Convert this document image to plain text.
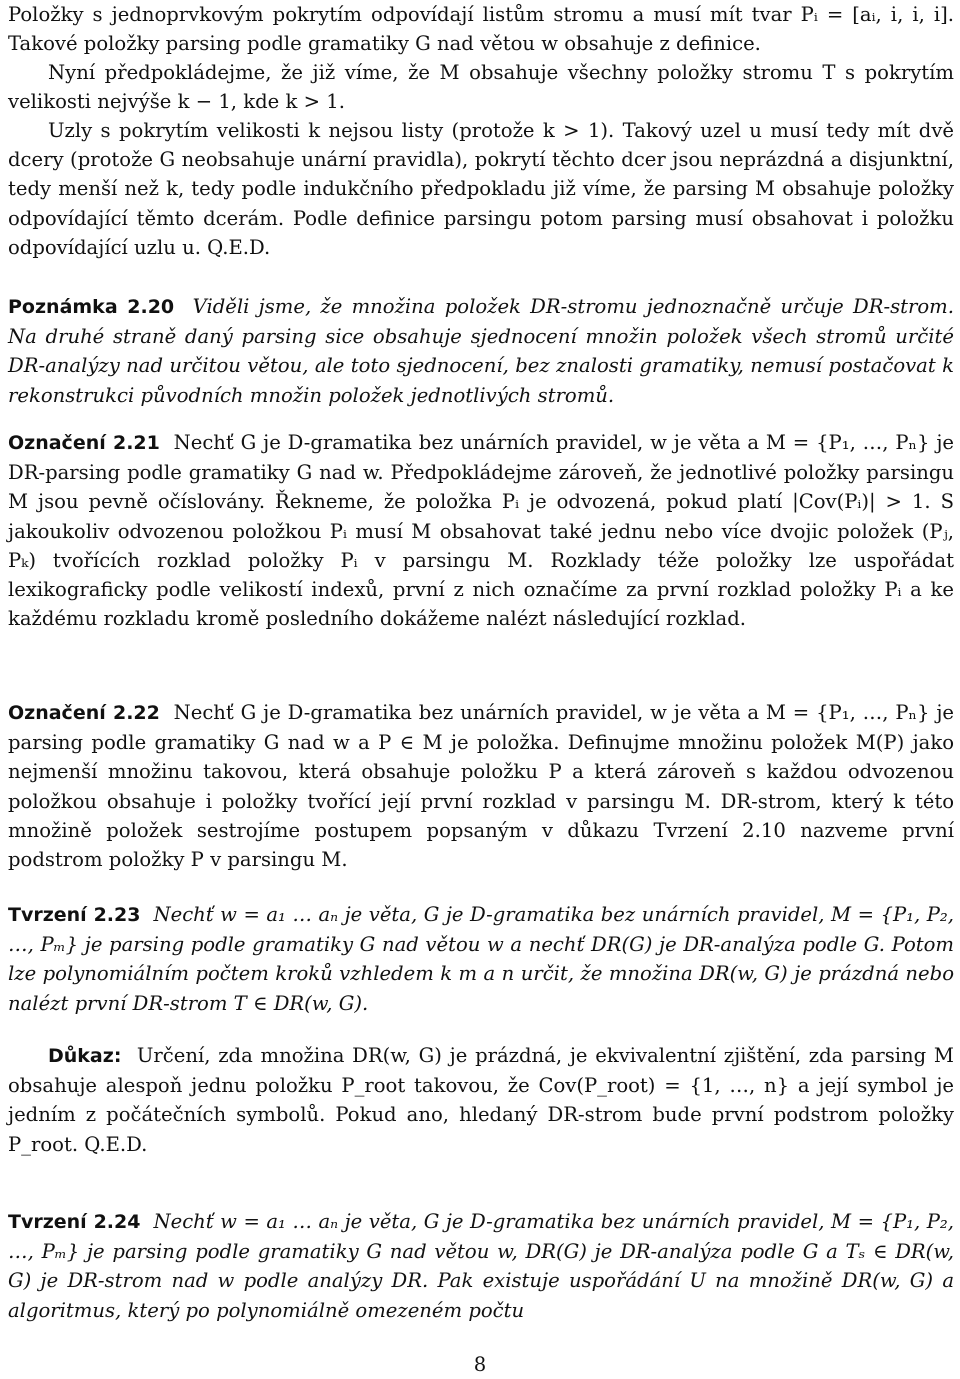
Položky s jednoprvkovým pokrytím odpovídají listům stromu a musí mít tvar Pᵢ = [aᵢ, i, i, i]. Takové položky parsing podle gramatiky G nad větou w obsahuje z definice.

Nyní předpokládejme, že již víme, že M obsahuje všechny položky stromu T s pokrytím velikosti nejvýše k − 1, kde k > 1.

Uzly s pokrytím velikosti k nejsou listy (protože k > 1). Takový uzel u musí tedy mít dvě dcery (protože G neobsahuje unární pravidla), pokrytí těchto dcer jsou neprázdná a disjunktní, tedy menší než k, tedy podle indukčního předpokladu již víme, že parsing M obsahuje položky odpovídající těmto dcerám. Podle definice parsingu potom parsing musí obsahovat i položku odpovídající uzlu u. Q.E.D.

Poznámka 2.20 Viděli jsme, že množina položek DR-stromu jednoznačně určuje DR-strom. Na druhé straně daný parsing sice obsahuje sjednocení množin položek všech stromů určité DR-analýzy nad určitou větou, ale toto sjednocení, bez znalosti gramatiky, nemusí postačovat k rekonstrukci původních množin položek jednotlivých stromů.

Označení 2.21 Nechť G je D-gramatika bez unárních pravidel, w je věta a M = {P₁, …, Pₙ} je DR-parsing podle gramatiky G nad w. Předpokládejme zároveň, že jednotlivé položky parsingu M jsou pevně očíslovány. Řekneme, že položka Pᵢ je odvozená, pokud platí |Cov(Pᵢ)| > 1. S jakoukoliv odvozenou položkou Pᵢ musí M obsahovat také jednu nebo více dvojic položek (Pⱼ, Pₖ) tvořících rozklad položky Pᵢ v parsingu M. Rozklady téže položky lze uspořádat lexikograficky podle velikostí indexů, první z nich označíme za první rozklad položky Pᵢ a ke každému rozkladu kromě posledního dokážeme nalézt následující rozklad.

Označení 2.22 Nechť G je D-gramatika bez unárních pravidel, w je věta a M = {P₁, …, Pₙ} je parsing podle gramatiky G nad w a P ∈ M je položka. Definujme množinu položek M(P) jako nejmenší množinu takovou, která obsahuje položku P a která zároveň s každou odvozenou položkou obsahuje i položky tvořící její první rozklad v parsingu M. DR-strom, který k této množině položek sestrojíme postupem popsaným v důkazu Tvrzení 2.10 nazveme první podstrom položky P v parsingu M.

Tvrzení 2.23 Nechť w = a₁ … aₙ je věta, G je D-gramatika bez unárních pravidel, M = {P₁, P₂, …, Pₘ} je parsing podle gramatiky G nad větou w a nechť DR(G) je DR-analýza podle G. Potom lze polynomiálním počtem kroků vzhledem k m a n určit, že množina DR(w, G) je prázdná nebo nalézt první DR-strom T ∈ DR(w, G).

Důkaz: Určení, zda množina DR(w, G) je prázdná, je ekvivalentní zjištění, zda parsing M obsahuje alespoň jednu položku P_root takovou, že Cov(P_root) = {1, …, n} a její symbol je jedním z počátečních symbolů. Pokud ano, hledaný DR-strom bude první podstrom položky P_root. Q.E.D.

Tvrzení 2.24 Nechť w = a₁ … aₙ je věta, G je D-gramatika bez unárních pravidel, M = {P₁, P₂, …, Pₘ} je parsing podle gramatiky G nad větou w, DR(G) je DR-analýza podle G a Tₛ ∈ DR(w, G) je DR-strom nad w podle analýzy DR. Pak existuje uspořádání U na množině DR(w, G) a algoritmus, který po polynomiálně omezeném počtu

8
